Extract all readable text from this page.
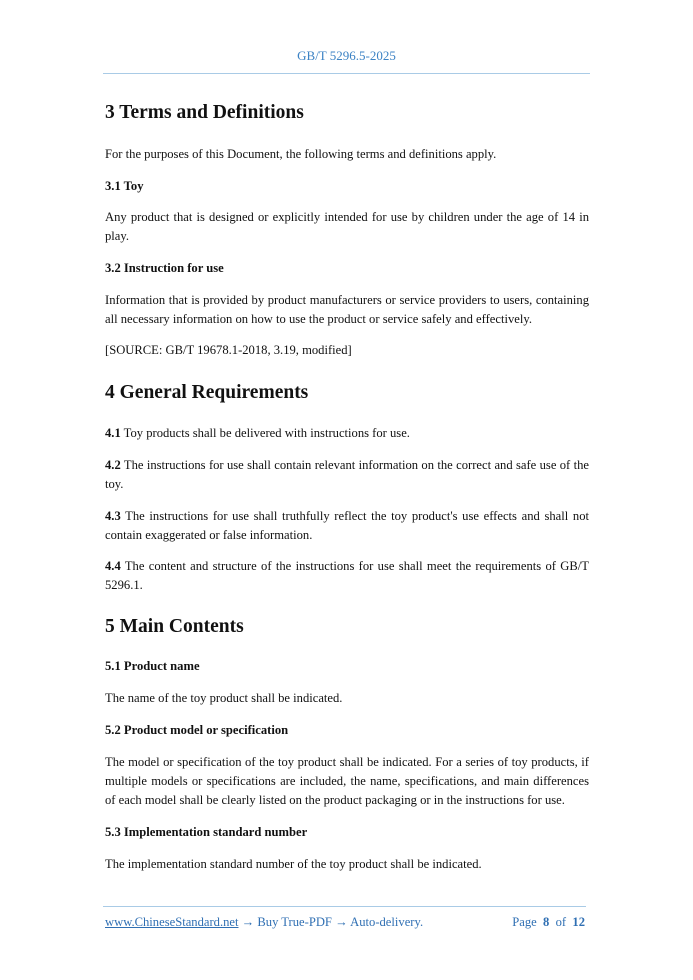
GB/T 5296.5-2025
3 Terms and Definitions
For the purposes of this Document, the following terms and definitions apply.
3.1 Toy
Any product that is designed or explicitly intended for use by children under the age of 14 in play.
3.2 Instruction for use
Information that is provided by product manufacturers or service providers to users, containing all necessary information on how to use the product or service safely and effectively.
[SOURCE: GB/T 19678.1-2018, 3.19, modified]
4 General Requirements
4.1 Toy products shall be delivered with instructions for use.
4.2 The instructions for use shall contain relevant information on the correct and safe use of the toy.
4.3 The instructions for use shall truthfully reflect the toy product's use effects and shall not contain exaggerated or false information.
4.4 The content and structure of the instructions for use shall meet the requirements of GB/T 5296.1.
5 Main Contents
5.1 Product name
The name of the toy product shall be indicated.
5.2 Product model or specification
The model or specification of the toy product shall be indicated. For a series of toy products, if multiple models or specifications are included, the name, specifications, and main differences of each model shall be clearly listed on the product packaging or in the instructions for use.
5.3 Implementation standard number
The implementation standard number of the toy product shall be indicated.
www.ChineseStandard.net → Buy True-PDF → Auto-delivery.	Page 8 of 12
